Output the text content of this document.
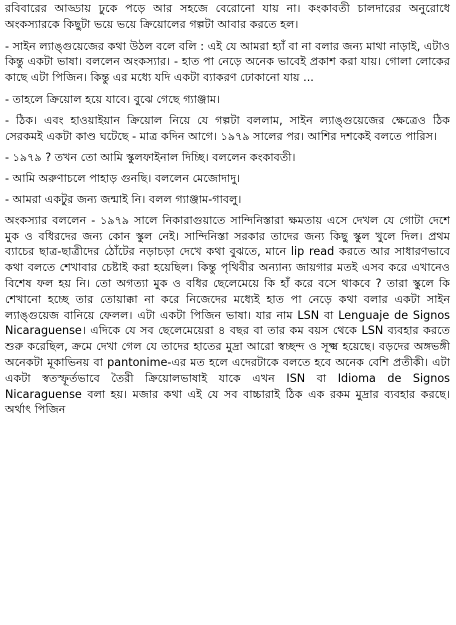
রবিবারের আড্ডায় ঢুকে পড়ে আর সহজে বেরোনো যায় না। কংকাবতী চালদারের অনুরোধে অংকস্যারকে কিছুটা ভয়ে ভয়ে ক্রিয়োলের গল্পটা আবার করতে হল।

- সাইন ল্যাঙ্গুয়েজের কথা উঠল বলে বলি : এই যে আমরা হ্যাঁ বা না বলার জন্য মাথা নাড়াই, এটাও কিন্তু একটা ভাষা। বললেন অংকস্যার। - হাত পা নেড়ে অনেক ভাবেই প্রকাশ করা যায়। গোলা লোকের কাছে এটা পিজিন। কিন্তু এর মধ্যে যদি একটা ব্যাকরণ ঢোকানো যায় ...

- তাহলে ক্রিয়োল হয়ে যাবে। বুঝে গেছে গ্যাঞ্জাম।

- ঠিক। এবং হাওয়াইয়ান ক্রিয়োল নিয়ে যে গল্পটা বললাম, সাইন ল্যাঙ্গুয়েজের ক্ষেত্রেও ঠিক সেরকমই একটা কাণ্ড ঘটেছে - মাত্র কদিন আগে। ১৯৭৯ সালের পর। আশির দশকেই বলতে পারিস।

- ১৯৭৯ ? তখন তো আমি স্কুলফাইনাল দিচ্ছি। বললেন কংকাবতী।

- আমি অরুণাচলে পাহাড় গুনছি। বললেন মেজোদাদু।

- আমরা একটুর জন্য জন্মাই নি। বলল গ্যাঞ্জাম-গাবলু।

অংকস্যার বললেন - ১৯৭৯ সালে নিকারাগুয়াতে সান্দিনিস্তারা ক্ষমতায় এসে দেখল যে গোটা দেশে মুক ও বধিরদের জন্য কোন স্কুল নেই। সান্দিনিস্তা সরকার তাদের জন্য কিছু স্কুল খুলে দিল। প্রথম ব্যাচের ছাত্র-ছাত্রীদের ঠোঁটের নড়াচড়া দেখে কথা বুঝতে, মানে lip read করতে আর সাধারণভাবে কথা বলতে শেখাবার চেষ্টাই করা হয়েছিল। কিন্তু পৃথিবীর অন্যান্য জায়গার মতই এসব করে এখানেও বিশেষ ফল হয় নি। তো অগত্যা মুক ও বধির ছেলেমেয়ে কি হাঁ করে বসে থাকবে ? তারা স্কুলে কি শেখানো হচ্ছে তার তোয়াক্কা না করে নিজেদের মধ্যেই হাত পা নেড়ে কথা বলার একটা সাইন ল্যাঙ্গুয়েজ বানিয়ে ফেলল। এটা একটা পিজিন ভাষা। যার নাম LSN বা Lenguaje de Signos Nicaraguense। এদিকে যে সব ছেলেমেয়েরা ৪ বছর বা তার কম বয়স থেকে LSN ব্যবহার করতে শুরু করেছিল, ক্রমে দেখা গেল যে তাদের হাতের মুদ্রা আরো স্বচ্ছন্দ ও সূক্ষ্ম হয়েছে। বড়দের অঙ্গভঙ্গী অনেকটা মূকাভিনয় বা pantonime-এর মত হলে এদেরটাকে বলতে হবে অনেক বেশি প্রতীকী। এটা একটা স্বতস্ফূর্তভাবে তৈরী ক্রিয়োলভাষাই যাকে এখন ISN বা Idioma de Signos Nicaraguense বলা হয়। মজার কথা এই যে সব বাচ্চারাই ঠিক এক রকম মুদ্রার ব্যবহার করছে। অর্থাৎ পিজিন
